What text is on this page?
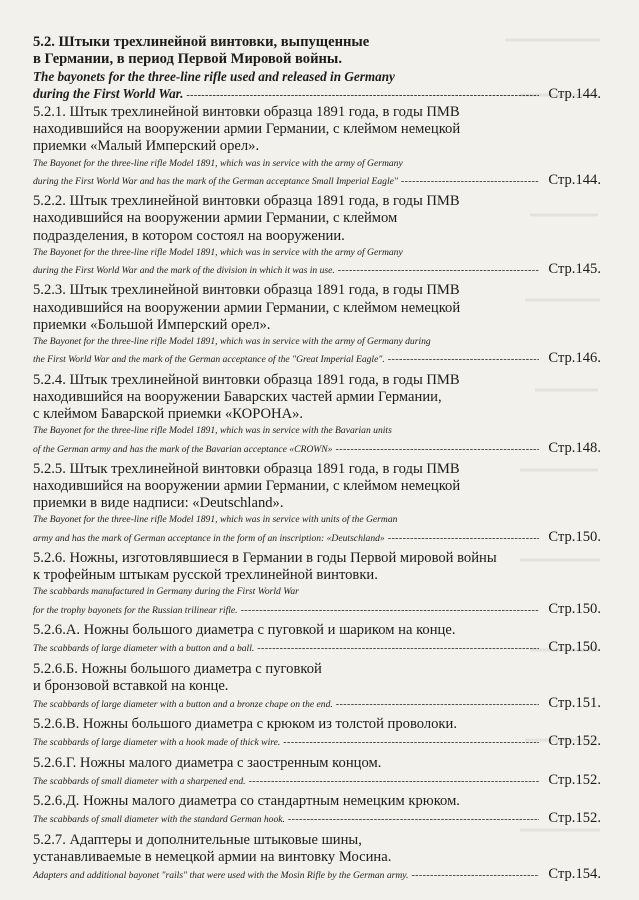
5.2. Штыки трехлинейной винтовки, выпущенные
в Германии, в период Первой Мировой войны.
The bayonets for the three-line rifle used and released in Germany
during the First World War. -----	Стр.144.
5.2.1. Штык трехлинейной винтовки образца 1891 года, в годы ПМВ
находившийся на вооружении армии Германии, с клеймом немецкой
приемки «Малый Имперский орел».
The Bayonet for the three-line rifle Model 1891, which was in service with the army of Germany
during the First World War and has the mark of the German acceptance Small Imperial Eagle" -----	Стр.144.
5.2.2. Штык трехлинейной винтовки образца 1891 года, в годы ПМВ
находившийся на вооружении армии Германии, с клеймом
подразделения, в котором состоял на вооружении.
The Bayonet for the three-line rifle Model 1891, which was in service with the army of Germany
during the First World War and the mark of the division in which it was in use. -----	Стр.145.
5.2.3. Штык трехлинейной винтовки образца 1891 года, в годы ПМВ
находившийся на вооружении армии Германии, с клеймом немецкой
приемки «Большой Имперский орел».
The Bayonet for the three-line rifle Model 1891, which was in service with the army of Germany during
the First World War and the mark of the German acceptance of the "Great Imperial Eagle". -----	Стр.146.
5.2.4. Штык трехлинейной винтовки образца 1891 года, в годы ПМВ
находившийся на вооружении Баварских частей армии Германии,
с клеймом Баварской приемки «КОРОНА».
The Bayonet for the three-line rifle Model 1891, which was in service with the Bavarian units
of the German army and has the mark of the Bavarian acceptance «CROWN» -----	Стр.148.
5.2.5. Штык трехлинейной винтовки образца 1891 года, в годы ПМВ
находившийся на вооружении армии Германии, с клеймом немецкой
приемки в виде надписи: «Deutschland».
The Bayonet for the three-line rifle Model 1891, which was in service with units of the German
army and has the mark of German acceptance in the form of an inscription: «Deutschland» -----	Стр.150.
5.2.6. Ножны, изготовлявшиеся в Германии в годы Первой мировой войны
к трофейным штыкам русской трехлинейной винтовки.
The scabbards manufactured in Germany during the First World War
for the trophy bayonets for the Russian trilinear rifle. -----	Стр.150.
5.2.6.А. Ножны большого диаметра с пуговкой и шариком на конце.
The scabbards of large diameter with a button and a ball. -----	Стр.150.
5.2.6.Б. Ножны большого диаметра с пуговкой
и бронзовой вставкой на конце.
The scabbards of large diameter with a button and a bronze chape on the end. -----	Стр.151.
5.2.6.В. Ножны большого диаметра с крюком из толстой проволоки.
The scabbards of large diameter with a hook made of thick wire. -----	Стр.152.
5.2.6.Г. Ножны малого диаметра с заостренным концом.
The scabbards of small diameter with a sharpened end. -----	Стр.152.
5.2.6.Д. Ножны малого диаметра со стандартным немецким крюком.
The scabbards of small diameter with the standard German hook. -----	Стр.152.
5.2.7. Адаптеры и дополнительные штыковые шины,
устанавливаемые в немецкой армии на винтовку Мосина.
Adapters and additional bayonet "rails" that were used with the Mosin Rifle by the German army. -----	Стр.154.
